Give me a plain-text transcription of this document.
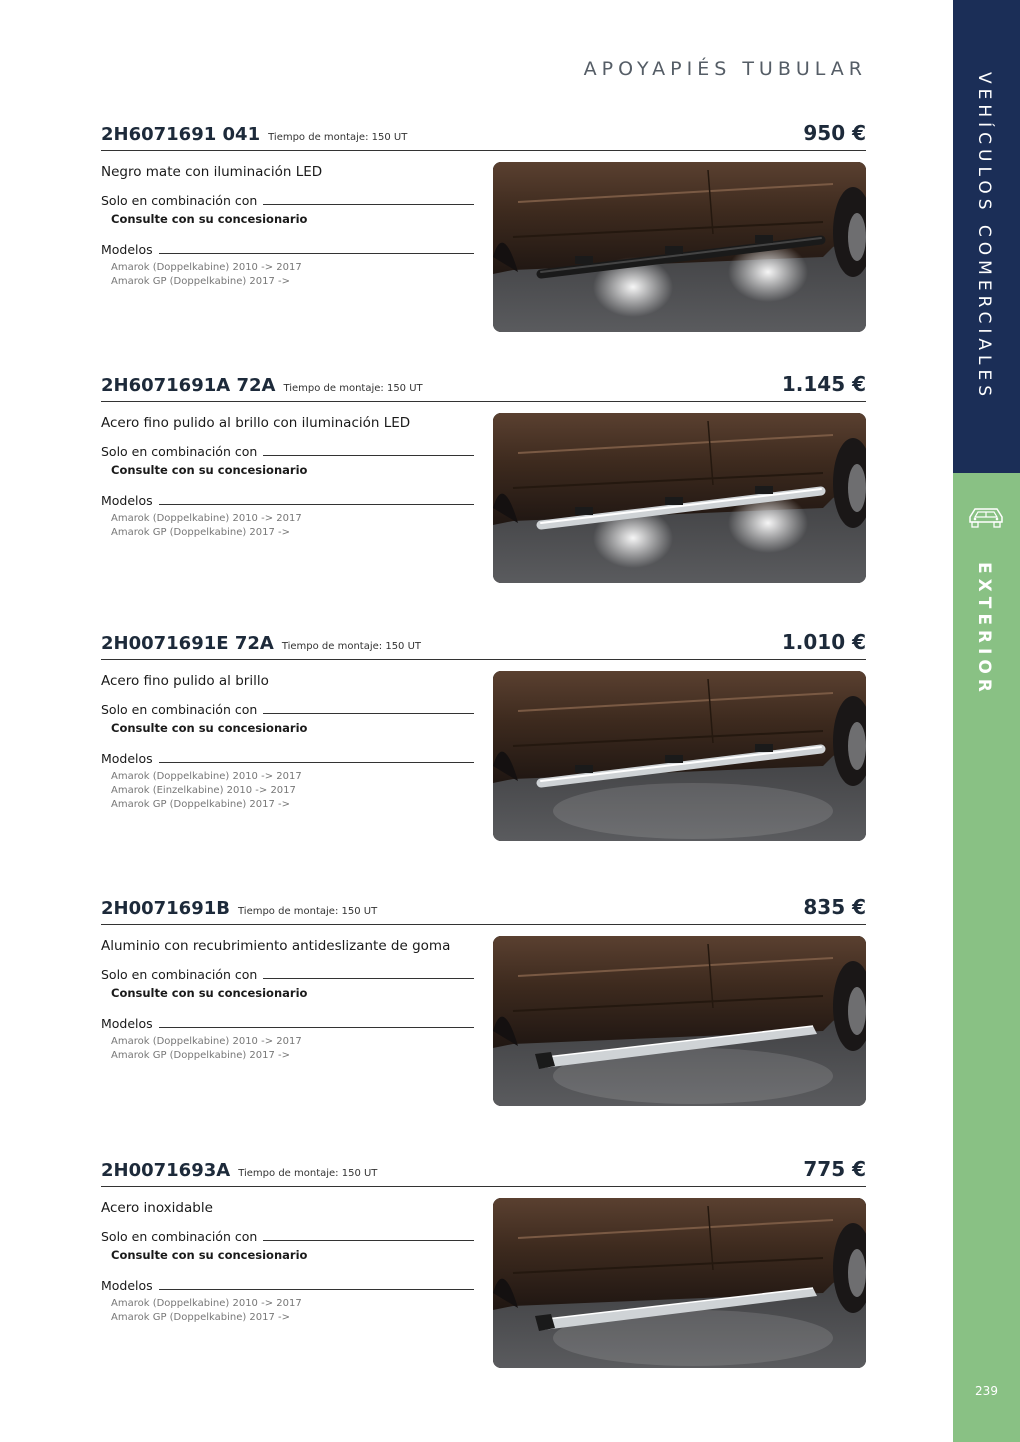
APOYAPIÉS TUBULAR
VEHÍCULOS COMERCIALES
EXTERIOR
239
2H6071691 041 Tiempo de montaje: 150 UT	950 €
Negro mate con iluminación LED
Solo en combinación con
Consulte con su concesionario
Modelos
Amarok (Doppelkabine) 2010 -> 2017
Amarok GP (Doppelkabine) 2017 ->
2H6071691A 72A Tiempo de montaje: 150 UT	1.145 €
Acero fino pulido al brillo con iluminación LED
Solo en combinación con
Consulte con su concesionario
Modelos
Amarok (Doppelkabine) 2010 -> 2017
Amarok GP (Doppelkabine) 2017 ->
2H0071691E 72A Tiempo de montaje: 150 UT	1.010 €
Acero fino pulido al brillo
Solo en combinación con
Consulte con su concesionario
Modelos
Amarok (Doppelkabine) 2010 -> 2017
Amarok (Einzelkabine) 2010 -> 2017
Amarok GP (Doppelkabine) 2017 ->
2H0071691B Tiempo de montaje: 150 UT	835 €
Aluminio con recubrimiento antideslizante de goma
Solo en combinación con
Consulte con su concesionario
Modelos
Amarok (Doppelkabine) 2010 -> 2017
Amarok GP (Doppelkabine) 2017 ->
2H0071693A Tiempo de montaje: 150 UT	775 €
Acero inoxidable
Solo en combinación con
Consulte con su concesionario
Modelos
Amarok (Doppelkabine) 2010 -> 2017
Amarok GP (Doppelkabine) 2017 ->
